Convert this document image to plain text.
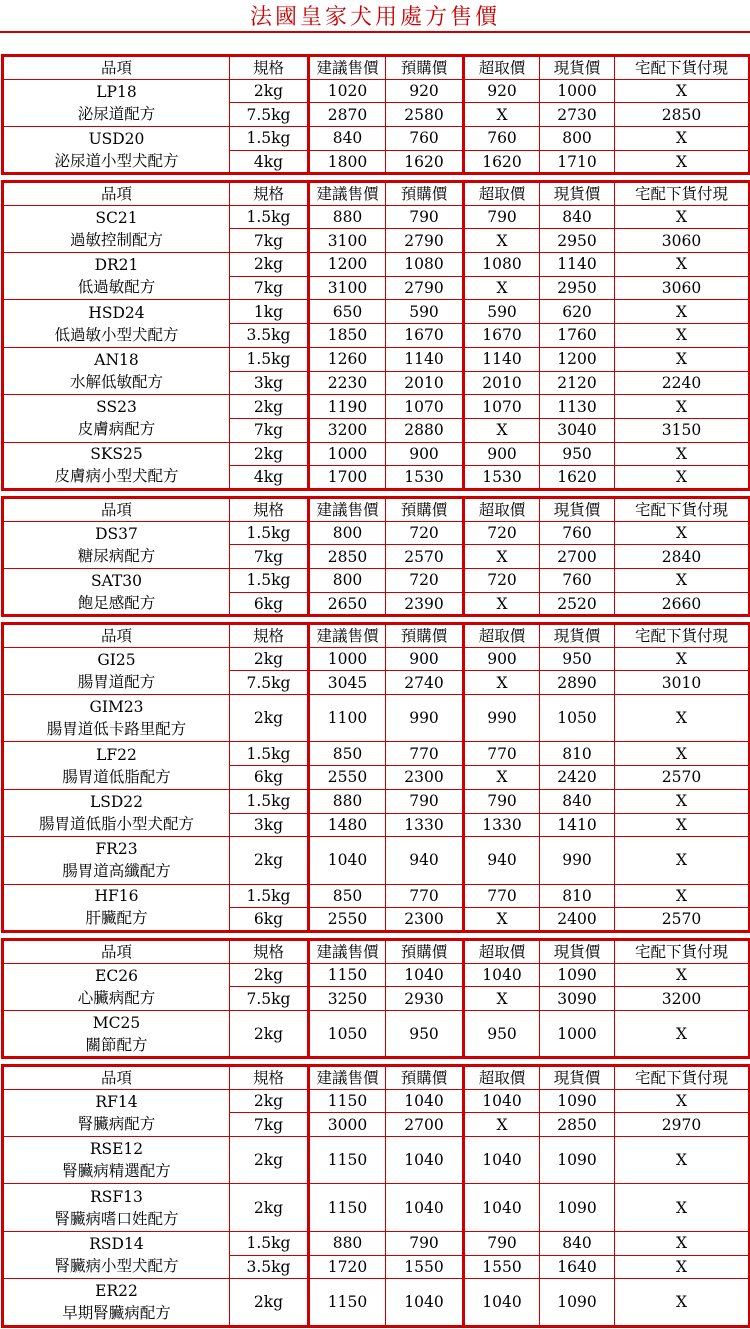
法國皇家犬用處方售價
品項	規格	建議售價	預購價	超取價	現貨價	宅配下貨付現

LP18
泌尿道配方	2kg	1020	920	920	1000	X
	7.5kg	2870	2580	X	2730	2850

USD20
泌尿道小型犬配方	1.5kg	840	760	760	800	X
	4kg	1800	1620	1620	1710	X
品項	規格	建議售價	預購價	超取價	現貨價	宅配下貨付現

SC21
過敏控制配方	1.5kg	880	790	790	840	X
	7kg	3100	2790	X	2950	3060

DR21
低過敏配方	2kg	1200	1080	1080	1140	X
	7kg	3100	2790	X	2950	3060

HSD24
低過敏小型犬配方	1kg	650	590	590	620	X
	3.5kg	1850	1670	1670	1760	X

AN18
水解低敏配方	1.5kg	1260	1140	1140	1200	X
	3kg	2230	2010	2010	2120	2240

SS23
皮膚病配方	2kg	1190	1070	1070	1130	X
	7kg	3200	2880	X	3040	3150

SKS25
皮膚病小型犬配方	2kg	1000	900	900	950	X
	4kg	1700	1530	1530	1620	X
品項	規格	建議售價	預購價	超取價	現貨價	宅配下貨付現

DS37
糖尿病配方	1.5kg	800	720	720	760	X
	7kg	2850	2570	X	2700	2840

SAT30
飽足感配方	1.5kg	800	720	720	760	X
	6kg	2650	2390	X	2520	2660
品項	規格	建議售價	預購價	超取價	現貨價	宅配下貨付現

GI25
腸胃道配方	2kg	1000	900	900	950	X
	7.5kg	3045	2740	X	2890	3010

GIM23
腸胃道低卡路里配方	2kg	1100	990	990	1050	X

LF22
腸胃道低脂配方	1.5kg	850	770	770	810	X
	6kg	2550	2300	X	2420	2570

LSD22
腸胃道低脂小型犬配方	1.5kg	880	790	790	840	X
	3kg	1480	1330	1330	1410	X

FR23
腸胃道高纖配方	2kg	1040	940	940	990	X

HF16
肝臟配方	1.5kg	850	770	770	810	X
	6kg	2550	2300	X	2400	2570
品項	規格	建議售價	預購價	超取價	現貨價	宅配下貨付現

EC26
心臟病配方	2kg	1150	1040	1040	1090	X
	7.5kg	3250	2930	X	3090	3200

MC25
關節配方	2kg	1050	950	950	1000	X
品項	規格	建議售價	預購價	超取價	現貨價	宅配下貨付現

RF14
腎臟病配方	2kg	1150	1040	1040	1090	X
	7kg	3000	2700	X	2850	2970

RSE12
腎臟病精選配方	2kg	1150	1040	1040	1090	X

RSF13
腎臟病嗜口姓配方	2kg	1150	1040	1040	1090	X

RSD14
腎臟病小型犬配方	1.5kg	880	790	790	840	X
	3.5kg	1720	1550	1550	1640	X

ER22
早期腎臟病配方	2kg	1150	1040	1040	1090	X
